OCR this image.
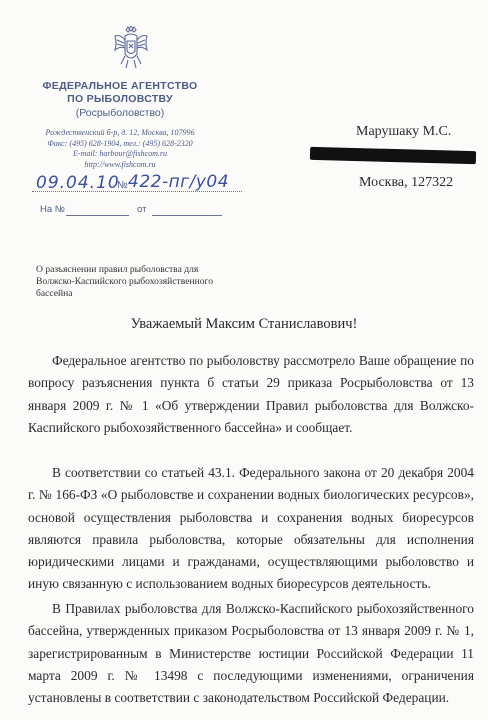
ФЕДЕРАЛЬНОЕ АГЕНТСТВО
ПО РЫБОЛОВСТВУ
(Росрыболовство)
Рождественский б-р, д. 12, Москва, 107996
Факс: (495) 628-1904, тел.: (495) 628-2320
E-mail: harbour@fishcom.ru
http://www.fishcom.ru
09.04.10
№ 422-пг/у04
На №	от
Марушаку М.С.
Москва, 127322
О разъяснении правил рыболовства для
Волжско-Каспийского рыбохозяйственного
бассейна
Уважаемый Максим Станиславович!
Федеральное агентство по рыболовству рассмотрело Ваше обращение по вопросу разъяснения пункта б статьи 29 приказа Росрыболовства от 13 января 2009 г. № 1 «Об утверждении Правил рыболовства для Волжско-Каспийского рыбохозяйственного бассейна» и сообщает.
В соответствии со статьей 43.1. Федерального закона от 20 декабря 2004 г. № 166-ФЗ «О рыболовстве и сохранении водных биологических ресурсов», основой осуществления рыболовства и сохранения водных биоресурсов являются правила рыболовства, которые обязательны для исполнения юридическими лицами и гражданами, осуществляющими рыболовство и иную связанную с использованием водных биоресурсов деятельность.
В Правилах рыболовства для Волжско-Каспийского рыбохозяйственного бассейна, утвержденных приказом Росрыболовства от 13 января 2009 г. № 1, зарегистрированным в Министерстве юстиции Российской Федерации 11 марта 2009 г. № 13498 с последующими изменениями, ограничения установлены в соответствии с законодательством Российской Федерации.
